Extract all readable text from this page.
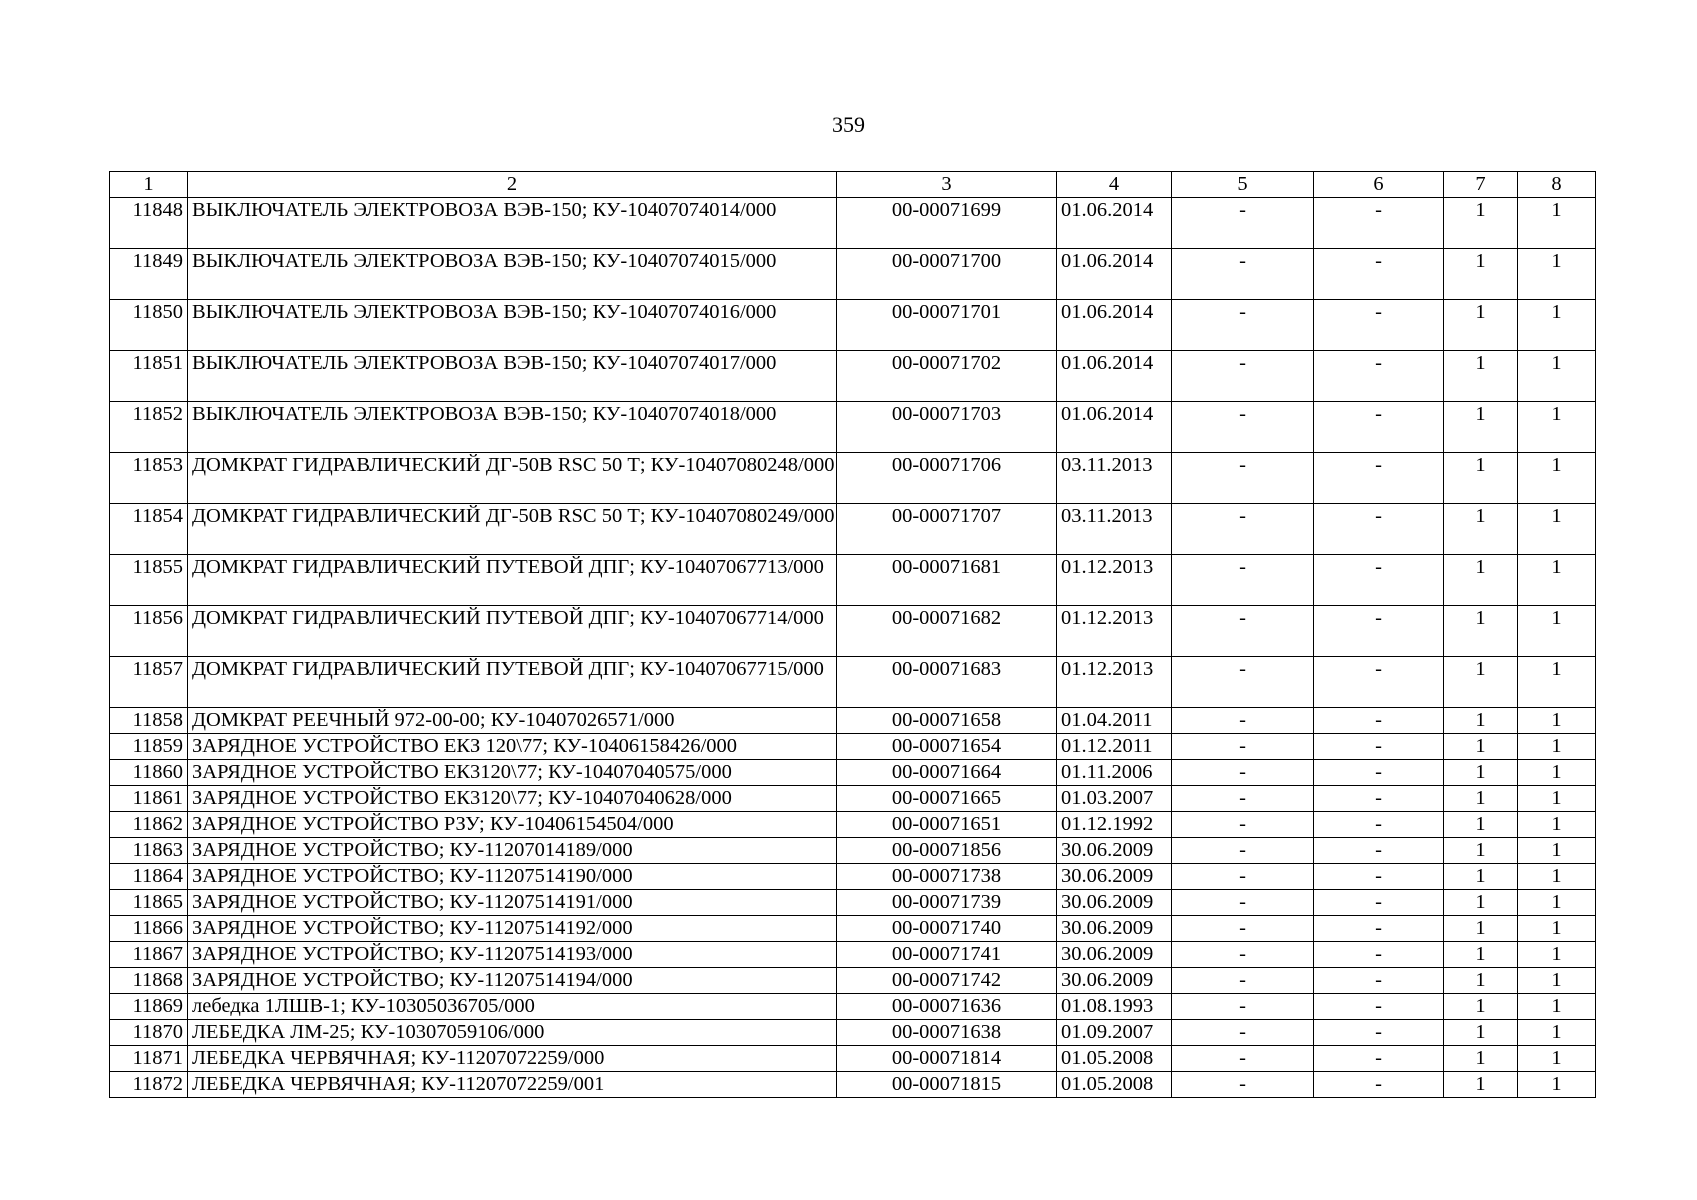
359
1	2	3	4	5	6	7	8
11848	ВЫКЛЮЧАТЕЛЬ ЭЛЕКТРОВОЗА ВЭВ-150; КУ-10407074014/000	00-00071699	01.06.2014	-	-	1	1
11849	ВЫКЛЮЧАТЕЛЬ ЭЛЕКТРОВОЗА ВЭВ-150; КУ-10407074015/000	00-00071700	01.06.2014	-	-	1	1
11850	ВЫКЛЮЧАТЕЛЬ ЭЛЕКТРОВОЗА ВЭВ-150; КУ-10407074016/000	00-00071701	01.06.2014	-	-	1	1
11851	ВЫКЛЮЧАТЕЛЬ ЭЛЕКТРОВОЗА ВЭВ-150; КУ-10407074017/000	00-00071702	01.06.2014	-	-	1	1
11852	ВЫКЛЮЧАТЕЛЬ ЭЛЕКТРОВОЗА ВЭВ-150; КУ-10407074018/000	00-00071703	01.06.2014	-	-	1	1
11853	ДОМКРАТ ГИДРАВЛИЧЕСКИЙ ДГ-50В RSC 50 Т; КУ-10407080248/000	00-00071706	03.11.2013	-	-	1	1
11854	ДОМКРАТ ГИДРАВЛИЧЕСКИЙ ДГ-50В RSC 50 Т; КУ-10407080249/000	00-00071707	03.11.2013	-	-	1	1
11855	ДОМКРАТ ГИДРАВЛИЧЕСКИЙ ПУТЕВОЙ ДПГ; КУ-10407067713/000	00-00071681	01.12.2013	-	-	1	1
11856	ДОМКРАТ ГИДРАВЛИЧЕСКИЙ ПУТЕВОЙ ДПГ; КУ-10407067714/000	00-00071682	01.12.2013	-	-	1	1
11857	ДОМКРАТ ГИДРАВЛИЧЕСКИЙ ПУТЕВОЙ ДПГ; КУ-10407067715/000	00-00071683	01.12.2013	-	-	1	1
11858	ДОМКРАТ РЕЕЧНЫЙ 972-00-00; КУ-10407026571/000	00-00071658	01.04.2011	-	-	1	1
11859	ЗАРЯДНОЕ УСТРОЙСТВО ЕКЗ 120\77; КУ-10406158426/000	00-00071654	01.12.2011	-	-	1	1
11860	ЗАРЯДНОЕ УСТРОЙСТВО ЕК3120\77; КУ-10407040575/000	00-00071664	01.11.2006	-	-	1	1
11861	ЗАРЯДНОЕ УСТРОЙСТВО ЕК3120\77; КУ-10407040628/000	00-00071665	01.03.2007	-	-	1	1
11862	ЗАРЯДНОЕ УСТРОЙСТВО РЗУ; КУ-10406154504/000	00-00071651	01.12.1992	-	-	1	1
11863	ЗАРЯДНОЕ УСТРОЙСТВО; КУ-11207014189/000	00-00071856	30.06.2009	-	-	1	1
11864	ЗАРЯДНОЕ УСТРОЙСТВО; КУ-11207514190/000	00-00071738	30.06.2009	-	-	1	1
11865	ЗАРЯДНОЕ УСТРОЙСТВО; КУ-11207514191/000	00-00071739	30.06.2009	-	-	1	1
11866	ЗАРЯДНОЕ УСТРОЙСТВО; КУ-11207514192/000	00-00071740	30.06.2009	-	-	1	1
11867	ЗАРЯДНОЕ УСТРОЙСТВО; КУ-11207514193/000	00-00071741	30.06.2009	-	-	1	1
11868	ЗАРЯДНОЕ УСТРОЙСТВО; КУ-11207514194/000	00-00071742	30.06.2009	-	-	1	1
11869	лебедка 1ЛШВ-1; КУ-10305036705/000	00-00071636	01.08.1993	-	-	1	1
11870	ЛЕБЕДКА ЛМ-25; КУ-10307059106/000	00-00071638	01.09.2007	-	-	1	1
11871	ЛЕБЕДКА ЧЕРВЯЧНАЯ; КУ-11207072259/000	00-00071814	01.05.2008	-	-	1	1
11872	ЛЕБЕДКА ЧЕРВЯЧНАЯ; КУ-11207072259/001	00-00071815	01.05.2008	-	-	1	1
